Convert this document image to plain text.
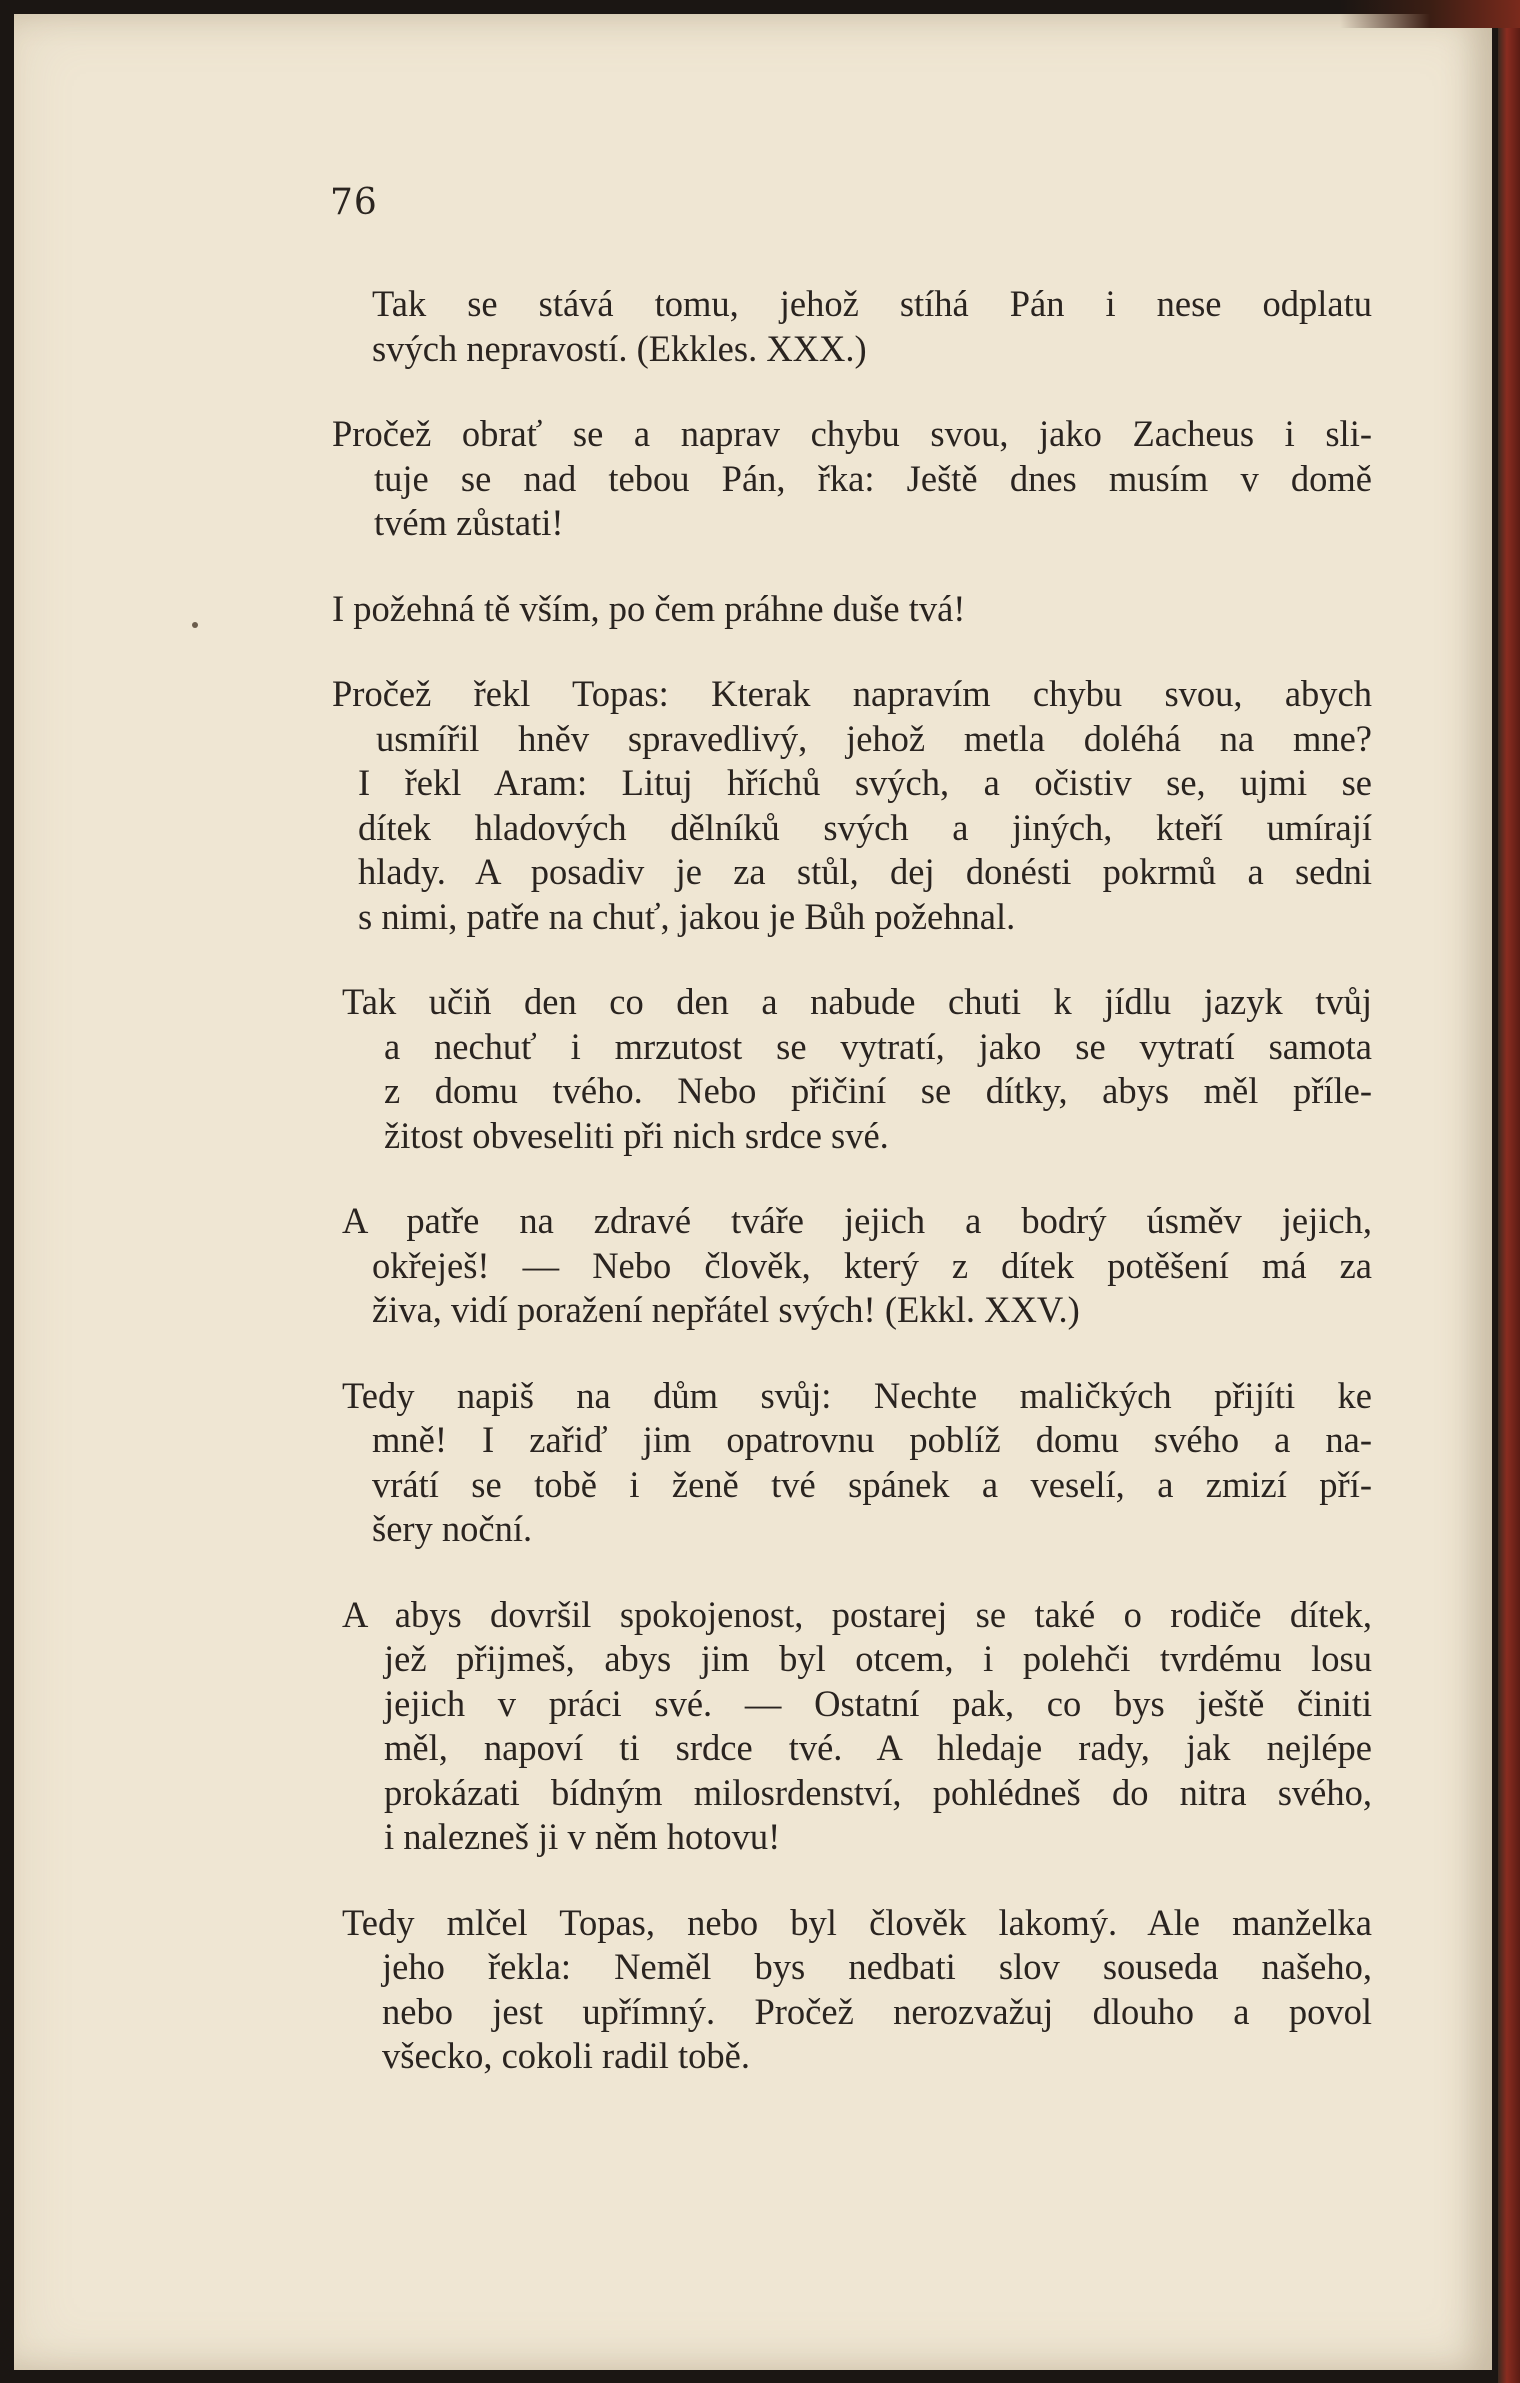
76

Tak se stává tomu, jehož stíhá Pán i nese odplatu
svých nepravostí. (Ekkles. XXX.)

Pročež obrať se a naprav chybu svou, jako Zacheus i sli-
tuje se nad tebou Pán, řka: Ještě dnes musím v domě
tvém zůstati!

I požehná tě vším, po čem práhne duše tvá!

Pročež řekl Topas: Kterak napravím chybu svou, abych
usmířil hněv spravedlivý, jehož metla doléhá na mne?
I řekl Aram: Lituj hříchů svých, a očistiv se, ujmi se
dítek hladových dělníků svých a jiných, kteří umírají
hlady. A posadiv je za stůl, dej donésti pokrmů a sedni
s nimi, patře na chuť, jakou je Bůh požehnal.

Tak učiň den co den a nabude chuti k jídlu jazyk tvůj
a nechuť i mrzutost se vytratí, jako se vytratí samota
z domu tvého. Nebo přičiní se dítky, abys měl příle-
žitost obveseliti při nich srdce své.

A patře na zdravé tváře jejich a bodrý úsměv jejich,
okřeješ! — Nebo člověk, který z dítek potěšení má za
živa, vidí poražení nepřátel svých! (Ekkl. XXV.)

Tedy napiš na dům svůj: Nechte maličkých přijíti ke
mně! I zařiď jim opatrovnu poblíž domu svého a na-
vrátí se tobě i ženě tvé spánek a veselí, a zmizí pří-
šery noční.

A abys dovršil spokojenost, postarej se také o rodiče dítek,
jež přijmeš, abys jim byl otcem, i polehči tvrdému losu
jejich v práci své. — Ostatní pak, co bys ještě činiti
měl, napoví ti srdce tvé. A hledaje rady, jak nejlépe
prokázati bídným milosrdenství, pohlédneš do nitra svého,
i nalezneš ji v něm hotovu!

Tedy mlčel Topas, nebo byl člověk lakomý. Ale manželka
jeho řekla: Neměl bys nedbati slov souseda našeho,
nebo jest upřímný. Pročež nerozvažuj dlouho a povol
všecko, cokoli radil tobě.
